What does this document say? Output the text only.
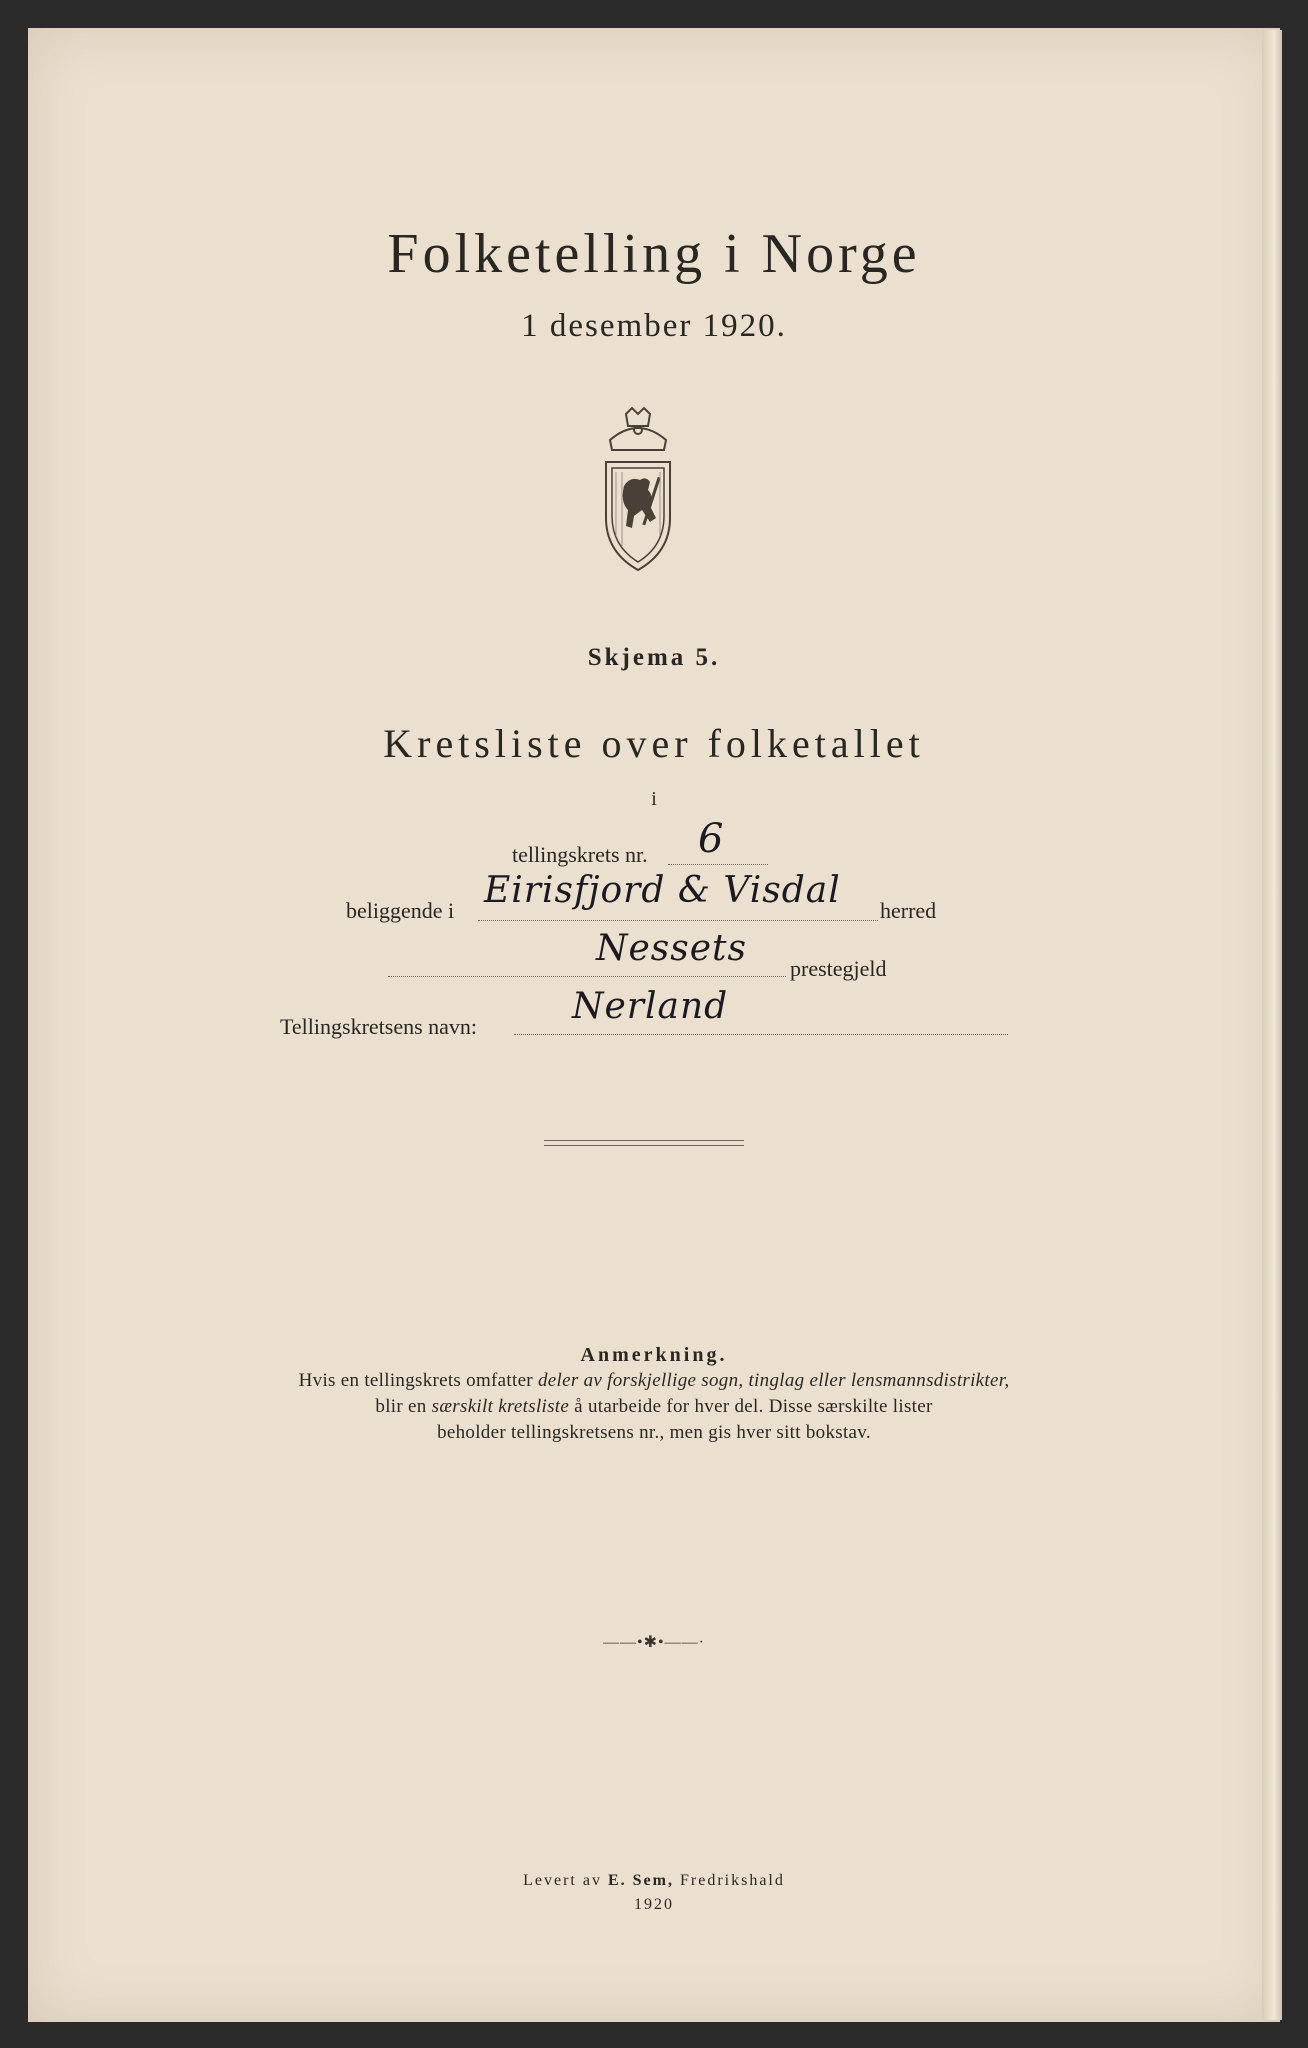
Folketelling i Norge
1 desember 1920.
Skjema 5.
Kretsliste over folketallet
i
tellingskrets nr. 6
beliggende i Eirisfjord & Visdal herred
Nessets prestegjeld
Tellingskretsens navn:	Nerland
Anmerkning.
Hvis en tellingskrets omfatter deler av forskjellige sogn, tinglag eller lensmannsdistrikter,
blir en særskilt kretsliste å utarbeide for hver del. Disse særskilte lister
beholder tellingskretsens nr., men gis hver sitt bokstav.
——•✱•——·
Levert av E. Sem, Fredrikshald
1920
